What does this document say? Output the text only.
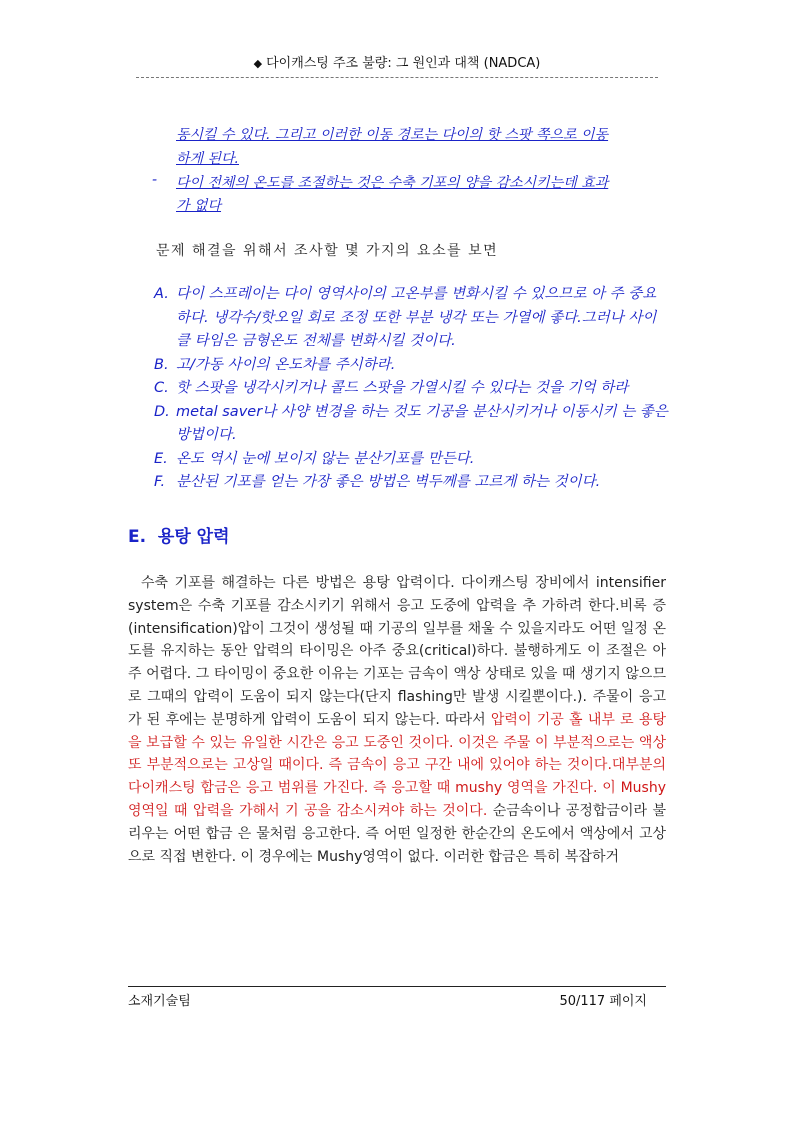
◆ 다이캐스팅 주조 불량: 그 원인과 대책 (NADCA)
동시킬 수 있다. 그리고 이러한 이동 경로는 다이의 핫 스팟 쪽으로 이동
하게 된다.
- 다이 전체의 온도를 조절하는 것은 수축 기포의 양을 감소시키는데 효과
가 없다
문제 해결을 위해서 조사할 몇 가지의 요소를 보면
A. 다이 스프레이는 다이 영역사이의 고온부를 변화시킬 수 있으므로 아 주 중요하다. 냉각수/핫오일 회로 조정 또한 부분 냉각 또는 가열에 좋다.그러나 사이클 타임은 금형온도 전체를 변화시킬 것이다.
B. 고/가동 사이의 온도차를 주시하라.
C. 핫 스팟을 냉각시키거나 콜드 스팟을 가열시킬 수 있다는 것을 기억 하라
D. metal saver나 사양 변경을 하는 것도 기공을 분산시키거나 이동시키 는 좋은 방법이다.
E. 온도 역시 눈에 보이지 않는 분산기포를 만든다.
F. 분산된 기포를 얻는 가장 좋은 방법은 벽두께를 고르게 하는 것이다.
E. 용탕 압력
수축 기포를 해결하는 다른 방법은 용탕 압력이다. 다이캐스팅 장비에서 intensifier system은 수축 기포를 감소시키기 위해서 응고 도중에 압력을 추 가하려 한다.비록 증(intensification)압이 그것이 생성될 때 기공의 일부를 채울 수 있을지라도 어떤 일정 온도를 유지하는 동안 압력의 타이밍은 아주 중요(critical)하다. 불행하게도 이 조절은 아주 어렵다. 그 타이밍이 중요한 이유는 기포는 금속이 액상 상태로 있을 때 생기지 않으므로 그때의 압력이 도움이 되지 않는다(단지 flashing만 발생 시킬뿐이다.). 주물이 응고가 된 후에는 분명하게 압력이 도움이 되지 않는다. 따라서 압력이 기공 홀 내부 로 용탕을 보급할 수 있는 유일한 시간은 응고 도중인 것이다. 이것은 주물 이 부분적으로는 액상 또 부분적으로는 고상일 때이다. 즉 금속이 응고 구간 내에 있어야 하는 것이다.대부분의 다이캐스팅 합금은 응고 범위를 가진다. 즉 응고할 때 mushy 영역을 가진다. 이 Mushy 영역일 때 압력을 가해서 기 공을 감소시켜야 하는 것이다. 순금속이나 공정합금이라 불리우는 어떤 합금 은 물처럼 응고한다. 즉 어떤 일정한 한순간의 온도에서 액상에서 고상으로 직접 변한다. 이 경우에는 Mushy영역이 없다. 이러한 합금은 특히 복잡하거
소재기술팀	50/117 페이지
